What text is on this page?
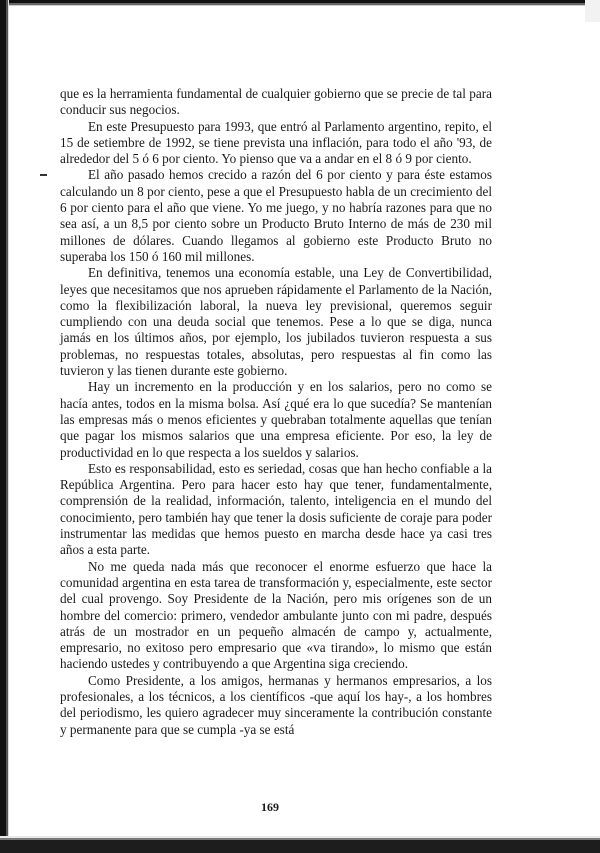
que es la herramienta fundamental de cualquier gobierno que se precie de tal para conducir sus negocios.

En este Presupuesto para 1993, que entró al Parlamento argentino, repito, el 15 de setiembre de 1992, se tiene prevista una inflación, para todo el año '93, de alrededor del 5 ó 6 por ciento. Yo pienso que va a andar en el 8 ó 9 por ciento.

El año pasado hemos crecido a razón del 6 por ciento y para éste estamos calculando un 8 por ciento, pese a que el Presupuesto habla de un crecimiento del 6 por ciento para el año que viene. Yo me juego, y no habría razones para que no sea así, a un 8,5 por ciento sobre un Producto Bruto Interno de más de 230 mil millones de dólares. Cuando llegamos al gobierno este Producto Bruto no superaba los 150 ó 160 mil millones.

En definitiva, tenemos una economía estable, una Ley de Convertibilidad, leyes que necesitamos que nos aprueben rápidamente el Parlamento de la Nación, como la flexibilización laboral, la nueva ley previsional, queremos seguir cumpliendo con una deuda social que tenemos. Pese a lo que se diga, nunca jamás en los últimos años, por ejemplo, los jubilados tuvieron respuesta a sus problemas, no respuestas totales, absolutas, pero respuestas al fin como las tuvieron y las tienen durante este gobierno.

Hay un incremento en la producción y en los salarios, pero no como se hacía antes, todos en la misma bolsa. Así ¿qué era lo que sucedía? Se mantenían las empresas más o menos eficientes y quebraban totalmente aquellas que tenían que pagar los mismos salarios que una empresa eficiente. Por eso, la ley de productividad en lo que respecta a los sueldos y salarios.

Esto es responsabilidad, esto es seriedad, cosas que han hecho confiable a la República Argentina. Pero para hacer esto hay que tener, fundamentalmente, comprensión de la realidad, información, talento, inteligencia en el mundo del conocimiento, pero también hay que tener la dosis suficiente de coraje para poder instrumentar las medidas que hemos puesto en marcha desde hace ya casi tres años a esta parte.

No me queda nada más que reconocer el enorme esfuerzo que hace la comunidad argentina en esta tarea de transformación y, especialmente, este sector del cual provengo. Soy Presidente de la Nación, pero mis orígenes son de un hombre del comercio: primero, vendedor ambulante junto con mi padre, después atrás de un mostrador en un pequeño almacén de campo y, actualmente, empresario, no exitoso pero empresario que «va tirando», lo mismo que están haciendo ustedes y contribuyendo a que Argentina siga creciendo.

Como Presidente, a los amigos, hermanas y hermanos empresarios, a los profesionales, a los técnicos, a los científicos -que aquí los hay-, a los hombres del periodismo, les quiero agradecer muy sinceramente la contribución constante y permanente para que se cumpla -ya se está

169
